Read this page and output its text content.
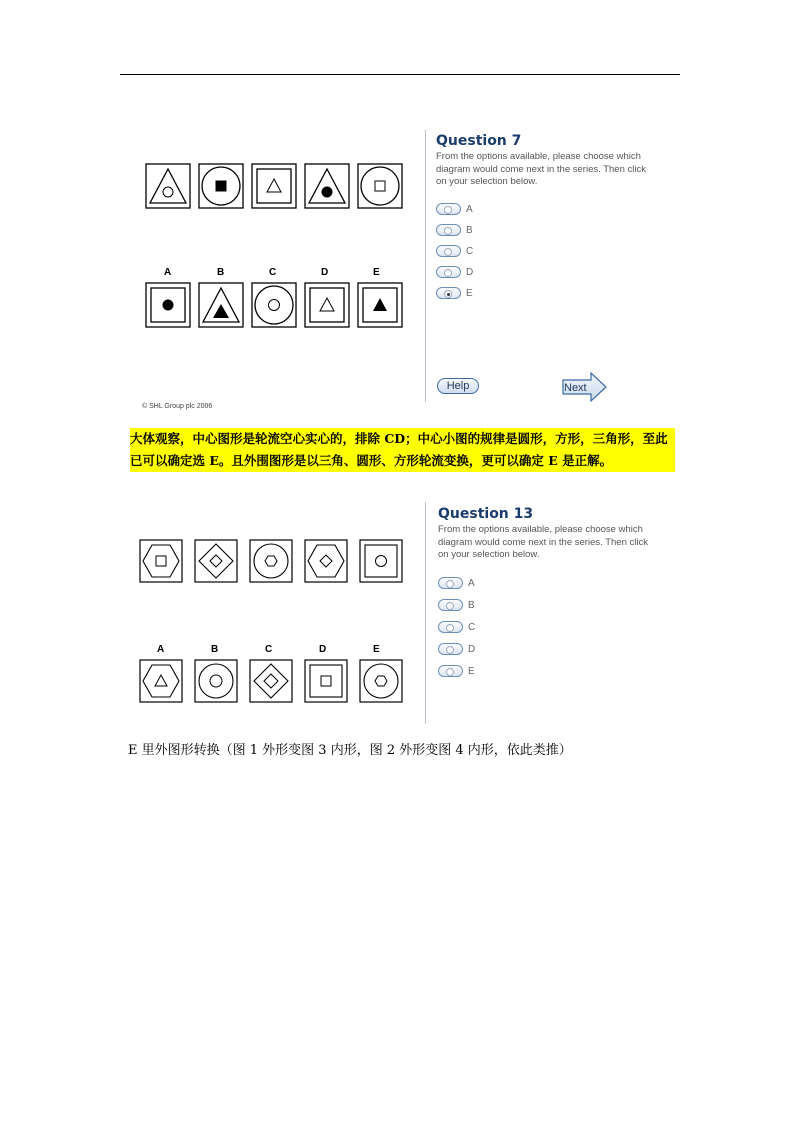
A	B	C	D	E
Question 7
From the options available, please choose which diagram would come next in the series. Then click on your selection below.
A
B
C
D
E
Help	Next
© SHL Group plc 2006
大体观察，中心图形是轮流空心实心的，排除 CD；中心小图的规律是圆形，方形，三角形，至此已可以确定选 E。且外围图形是以三角、圆形、方形轮流变换，更可以确定 E 是正解。
A	B	C	D	E
Question 13
From the options available, please choose which diagram would come next in the series. Then click on your selection below.
A
B
C
D
E
E 里外图形转换（图 1 外形变图 3 内形，图 2 外形变图 4 内形，依此类推）
